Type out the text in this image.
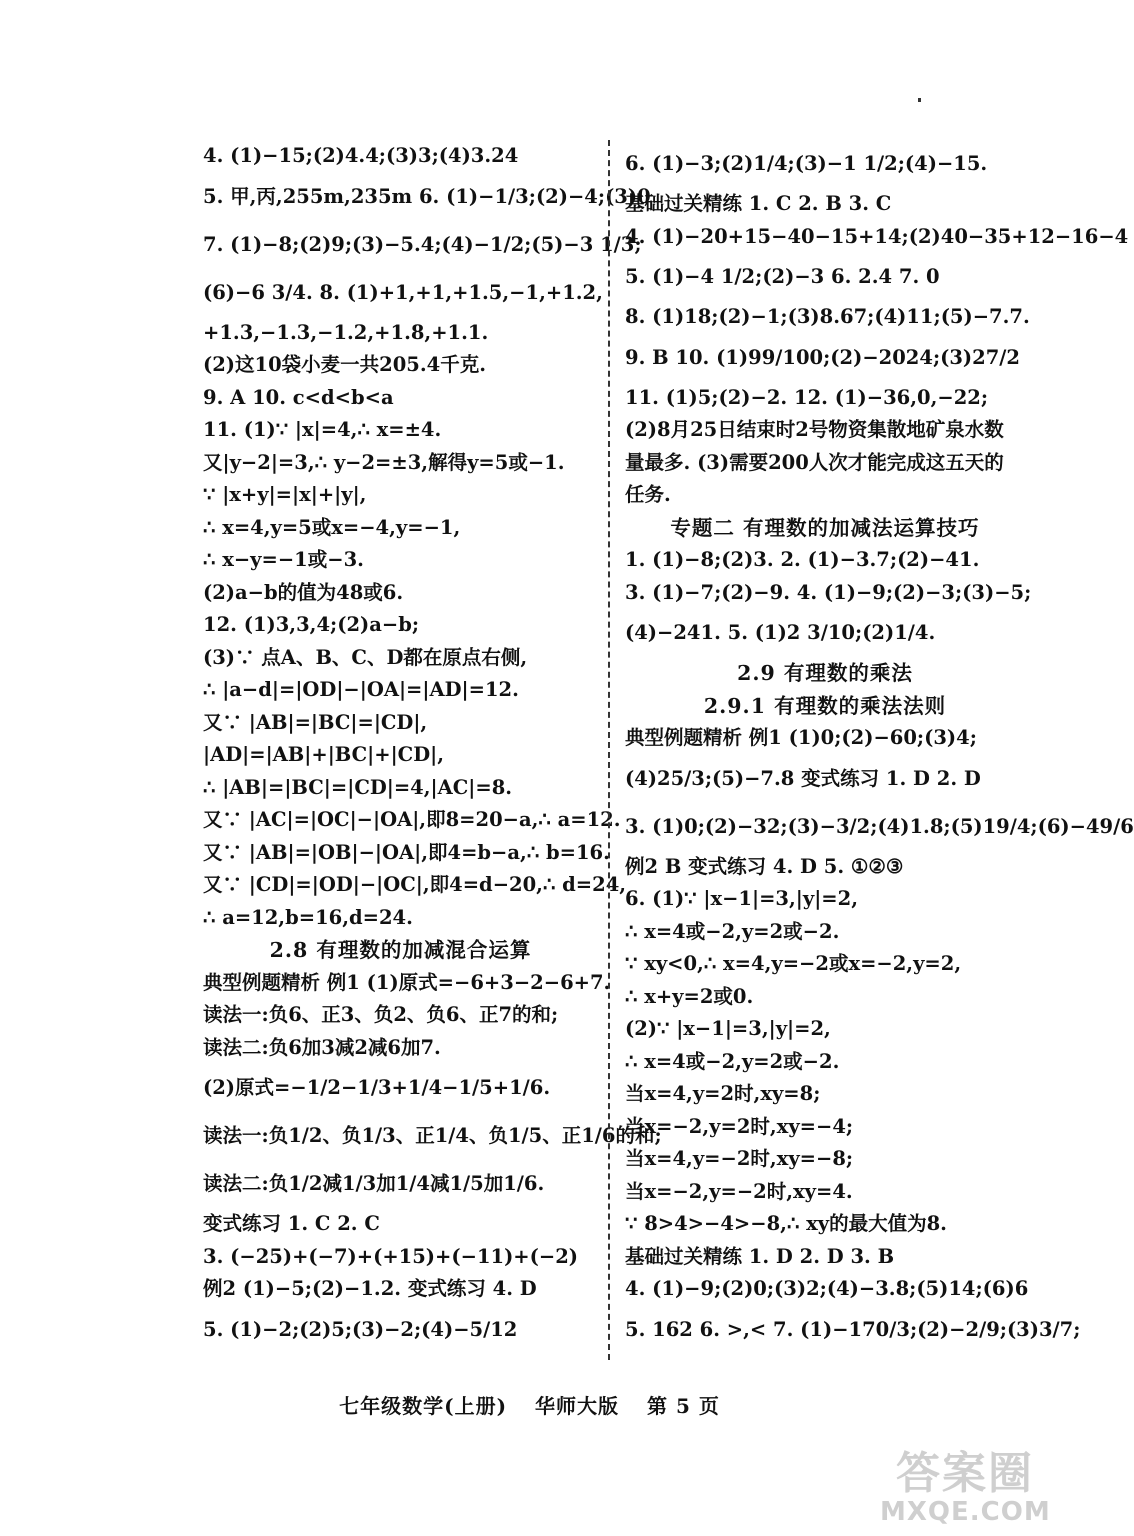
4. (1)−15;(2)4.4;(3)3;(4)3.24
5. 甲,丙,255m,235m 6. (1)−1/3;(2)−4;(3)0
7. (1)−8;(2)9;(3)−5.4;(4)−1/2;(5)−3 1/3;
(6)−6 3/4. 8. (1)+1,+1,+1.5,−1,+1.2,
+1.3,−1.3,−1.2,+1.8,+1.1.
(2)这10袋小麦一共205.4千克.
9. A 10. c<d<b<a
11. (1)∵ |x|=4,∴ x=±4.
又|y−2|=3,∴ y−2=±3,解得y=5或−1.
∵ |x+y|=|x|+|y|,
∴ x=4,y=5或x=−4,y=−1,
∴ x−y=−1或−3.
(2)a−b的值为48或6.
12. (1)3,3,4;(2)a−b;
(3)∵ 点A、B、C、D都在原点右侧,
∴ |a−d|=|OD|−|OA|=|AD|=12.
又∵ |AB|=|BC|=|CD|,
|AD|=|AB|+|BC|+|CD|,
∴ |AB|=|BC|=|CD|=4,|AC|=8.
又∵ |AC|=|OC|−|OA|,即8=20−a,∴ a=12.
又∵ |AB|=|OB|−|OA|,即4=b−a,∴ b=16.
又∵ |CD|=|OD|−|OC|,即4=d−20,∴ d=24,
∴ a=12,b=16,d=24.
2.8 有理数的加减混合运算
典型例题精析 例1 (1)原式=−6+3−2−6+7.
读法一:负6、正3、负2、负6、正7的和;
读法二:负6加3减2减6加7.
(2)原式=−1/2−1/3+1/4−1/5+1/6.
读法一:负1/2、负1/3、正1/4、负1/5、正1/6的和;
读法二:负1/2减1/3加1/4减1/5加1/6.
变式练习 1. C 2. C
3. (−25)+(−7)+(+15)+(−11)+(−2)
例2 (1)−5;(2)−1.2. 变式练习 4. D
5. (1)−2;(2)5;(3)−2;(4)−5/12
6. (1)−3;(2)1/4;(3)−1 1/2;(4)−15.
基础过关精练 1. C 2. B 3. C
4. (1)−20+15−40−15+14;(2)40−35+12−16−4
5. (1)−4 1/2;(2)−3 6. 2.4 7. 0
8. (1)18;(2)−1;(3)8.67;(4)11;(5)−7.7.
9. B 10. (1)99/100;(2)−2024;(3)27/2
11. (1)5;(2)−2. 12. (1)−36,0,−22;
(2)8月25日结束时2号物资集散地矿泉水数
量最多. (3)需要200人次才能完成这五天的
任务.
专题二 有理数的加减法运算技巧
1. (1)−8;(2)3. 2. (1)−3.7;(2)−41.
3. (1)−7;(2)−9. 4. (1)−9;(2)−3;(3)−5;
(4)−241. 5. (1)2 3/10;(2)1/4.
2.9 有理数的乘法
2.9.1 有理数的乘法法则
典型例题精析 例1 (1)0;(2)−60;(3)4;
(4)25/3;(5)−7.8 变式练习 1. D 2. D
3. (1)0;(2)−32;(3)−3/2;(4)1.8;(5)19/4;(6)−49/6
例2 B 变式练习 4. D 5. ①②③
6. (1)∵ |x−1|=3,|y|=2,
∴ x=4或−2,y=2或−2.
∵ xy<0,∴ x=4,y=−2或x=−2,y=2,
∴ x+y=2或0.
(2)∵ |x−1|=3,|y|=2,
∴ x=4或−2,y=2或−2.
当x=4,y=2时,xy=8;
当x=−2,y=2时,xy=−4;
当x=4,y=−2时,xy=−8;
当x=−2,y=−2时,xy=4.
∵ 8>4>−4>−8,∴ xy的最大值为8.
基础过关精练 1. D 2. D 3. B
4. (1)−9;(2)0;(3)2;(4)−3.8;(5)14;(6)6
5. 162 6. >,< 7. (1)−170/3;(2)−2/9;(3)3/7;
七年级数学(上册) 华师大版 第 5 页
答案圈
MXQE.COM
